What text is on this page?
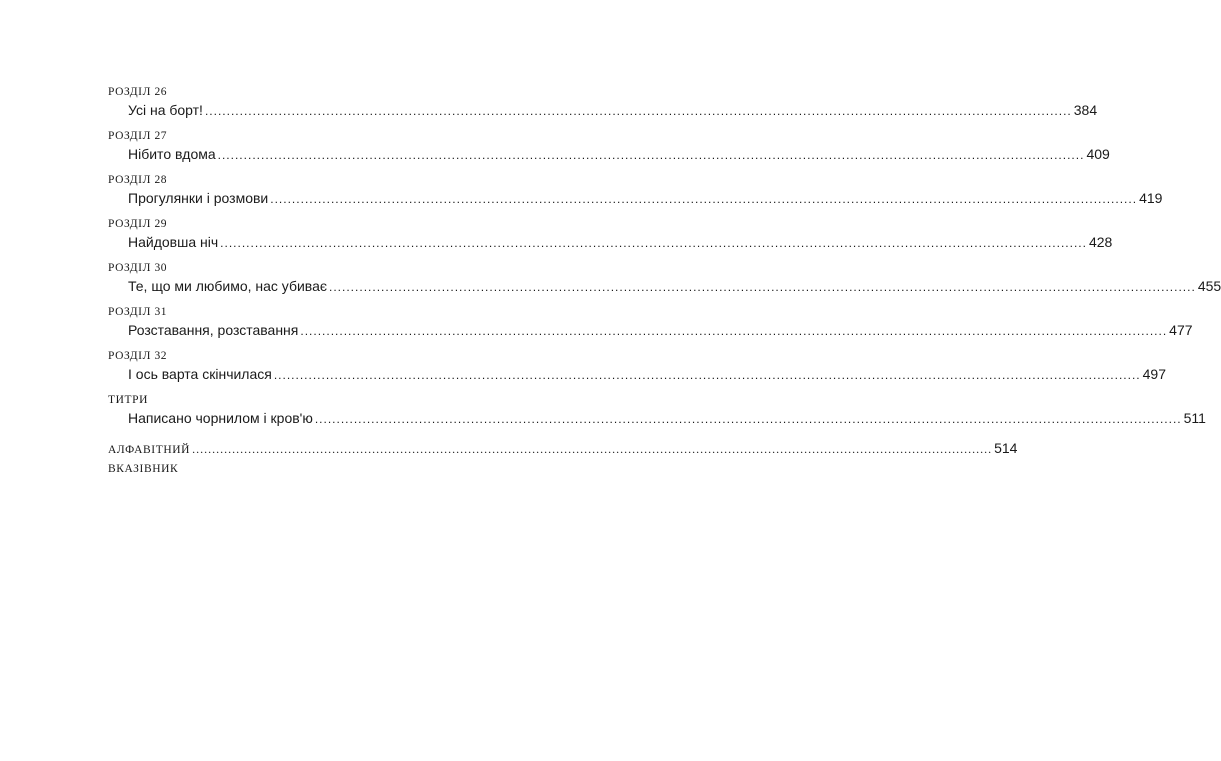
РОЗДІЛ 26
Усі на борт! ........................................................................................................................................................................................................ 384
РОЗДІЛ 27
Нібито вдома ........................................................................................................................................................................................................ 409
РОЗДІЛ 28
Прогулянки і розмови ........................................................................................................................................................................................................ 419
РОЗДІЛ 29
Найдовша ніч ........................................................................................................................................................................................................ 428
РОЗДІЛ 30
Те, що ми любимо, нас убиває ........................................................................................................................................................................................................ 455
РОЗДІЛ 31
Розставання, розставання ........................................................................................................................................................................................................ 477
РОЗДІЛ 32
І ось варта скінчилася ........................................................................................................................................................................................................ 497
ТИТРИ
Написано чорнилом і кров'ю ........................................................................................................................................................................................................ 511
АЛФАВІТНИЙ ВКАЗІВНИК
........................................................................................................................................................................................................ 514
